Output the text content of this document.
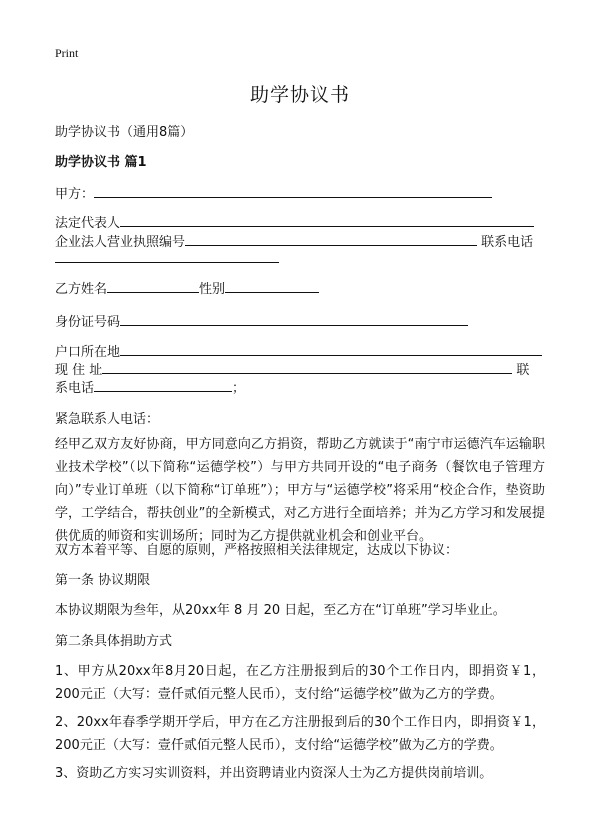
Print
助学协议书
助学协议书（通用8篇）
助学协议书 篇1
甲方：
法定代表人
企业法人营业执照编号	联系电话
乙方姓名	性别
身份证号码
户口所在地
现 住 址	联
系电话	；
紧急联系人电话：
经甲乙双方友好协商，甲方同意向乙方捐资，帮助乙方就读于“南宁市运德汽车运输职业技术学校”（以下简称“运德学校”）与甲方共同开设的“电子商务（餐饮电子管理方向）”专业订单班（以下简称“订单班”）；甲方与“运德学校”将采用“校企合作，垫资助学，工学结合，帮扶创业”的全新模式，对乙方进行全面培养；并为乙方学习和发展提供优质的师资和实训场所；同时为乙方提供就业机会和创业平台。
双方本着平等、自愿的原则，严格按照相关法律规定，达成以下协议：
第一条 协议期限
本协议期限为叁年，从20xx年 8 月 20 日起，至乙方在“订单班”学习毕业止。
第二条具体捐助方式
1、甲方从20xx年8月20日起，在乙方注册报到后的30个工作日内，即捐资￥1，200元正（大写：壹仟贰佰元整人民币），支付给“运德学校”做为乙方的学费。
2、20xx年春季学期开学后，甲方在乙方注册报到后的30个工作日内，即捐资￥1，200元正（大写：壹仟贰佰元整人民币），支付给“运德学校”做为乙方的学费。
3、资助乙方实习实训资料，并出资聘请业内资深人士为乙方提供岗前培训。
